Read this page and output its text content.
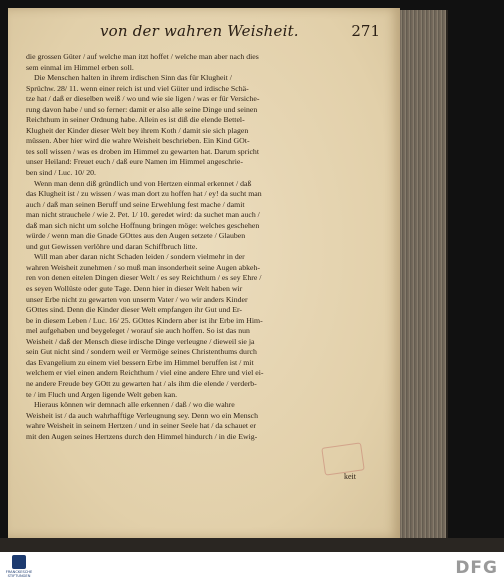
von der wahren Weisheit.	271
die grossen Güter / auf welche man itzt hoffet / welche man aber nach dies
sem einmal im Himmel erben soll.
Die Menschen halten in ihrem irdischen Sinn das für Klugheit /
Sprüchw. 28/ 11. wenn einer reich ist und viel Güter und irdische Schä-
tze hat / daß er dieselben weiß / wo und wie sie ligen / was er für Versiche-
rung davon habe / und so ferner: damit er also alle seine Dinge und seinen
Reichthum in seiner Ordnung habe. Allein es ist diß die elende Bettel-
Klugheit der Kinder dieser Welt bey ihrem Koth / damit sie sich plagen
müssen. Aber hier wird die wahre Weisheit beschrieben. Ein Kind GOt-
tes soll wissen / was es droben im Himmel zu gewarten hat. Darum spricht
unser Heiland: Freuet euch / daß eure Namen im Himmel angeschrie-
ben sind / Luc. 10/ 20.
Wenn man denn diß gründlich und von Hertzen einmal erkennet / daß
das Klugheit ist / zu wissen / was man dort zu hoffen hat / ey! da sucht man
auch / daß man seinen Beruff und seine Erwehlung fest mache / damit
man nicht strauchele / wie 2. Pet. 1/ 10. geredet wird: da suchet man auch /
daß man sich nicht um solche Hoffnung bringen möge: welches geschehen
würde / wenn man die Gnade GOttes aus den Augen setzete / Glauben
und gut Gewissen verlöhre und daran Schiffbruch litte.
Will man aber daran nicht Schaden leiden / sondern vielmehr in der
wahren Weisheit zunehmen / so muß man insonderheit seine Augen abkeh-
ren von denen eitelen Dingen dieser Welt / es sey Reichthum / es sey Ehre /
es seyen Wollüste oder gute Tage. Denn hier in dieser Welt haben wir
unser Erbe nicht zu gewarten von unserm Vater / wo wir anders Kinder
GOttes sind. Denn die Kinder dieser Welt empfangen ihr Gut und Er-
be in diesem Leben / Luc. 16/ 25. GOttes Kindern aber ist ihr Erbe im Him-
mel aufgehaben und beygeleget / worauf sie auch hoffen. So ist das nun
Weisheit / daß der Mensch diese irdische Dinge verleugne / dieweil sie ja
sein Gut nicht sind / sondern weil er Vermöge seines Christenthums durch
das Evangelium zu einem viel bessern Erbe im Himmel beruffen ist / mit
welchem er viel einen andern Reichthum / viel eine andere Ehre und viel ei-
ne andere Freude bey GOtt zu gewarten hat / als ihm die elende / verderb-
te / im Fluch und Argen ligende Welt geben kan.
Hieraus können wir demnach alle erkennen / daß / wo die wahre
Weisheit ist / da auch wahrhafftige Verleugnung sey. Denn wo ein Mensch
wahre Weisheit in seinem Hertzen / und in seiner Seele hat / da schauet er
mit den Augen seines Hertzens durch den Himmel hindurch / in die Ewig-
keit
FRANCKESCHE STIFTUNGEN	DFG
